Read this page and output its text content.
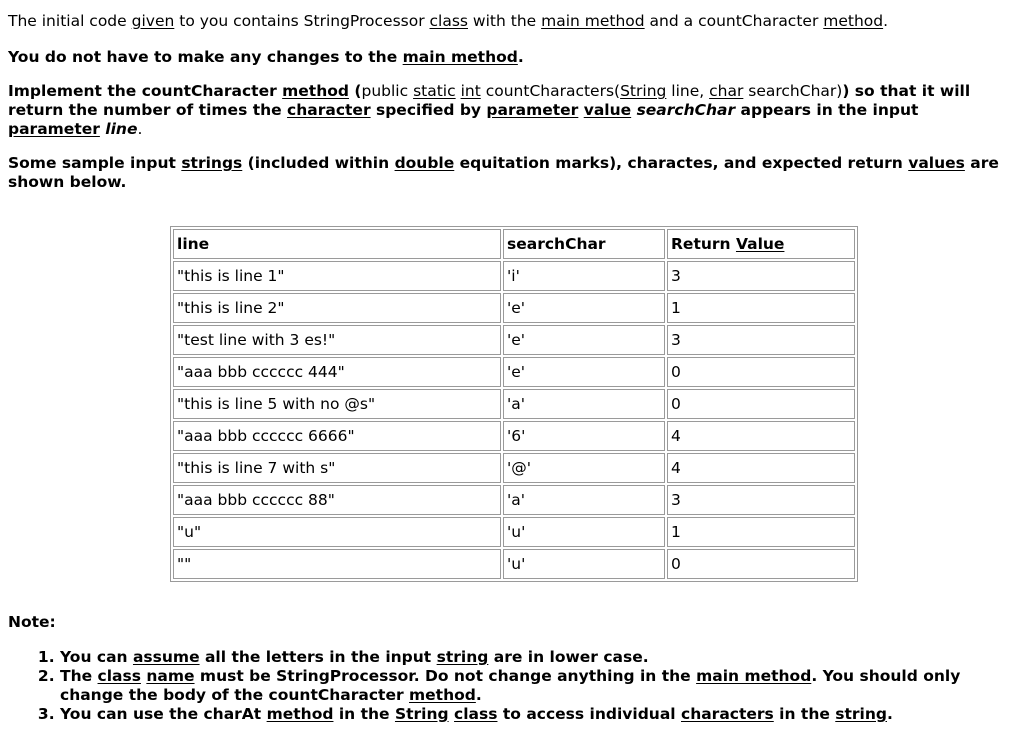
The initial code given to you contains StringProcessor class with the main method and a countCharacter method.

You do not have to make any changes to the main method.

Implement the countCharacter method (public static int countCharacters(String line, char searchChar)) so that it will return the number of times the character specified by parameter value searchChar appears in the input parameter line.

Some sample input strings (included within double equitation marks), charactes, and expected return values are shown below.

line	searchChar	Return Value
"this is line 1"	'i'	3
"this is line 2"	'e'	1
"test line with 3 es!"	'e'	3
"aaa bbb cccccc 444"	'e'	0
"this is line 5 with no @s"	'a'	0
"aaa bbb cccccc 6666"	'6'	4
"this is line 7 with s"	'@'	4
"aaa bbb cccccc 88"	'a'	3
"u"	'u'	1
""	'u'	0

Note:

1. You can assume all the letters in the input string are in lower case.
2. The class name must be StringProcessor. Do not change anything in the main method. You should only change the body of the countCharacter method.
3. You can use the charAt method in the String class to access individual characters in the string.
